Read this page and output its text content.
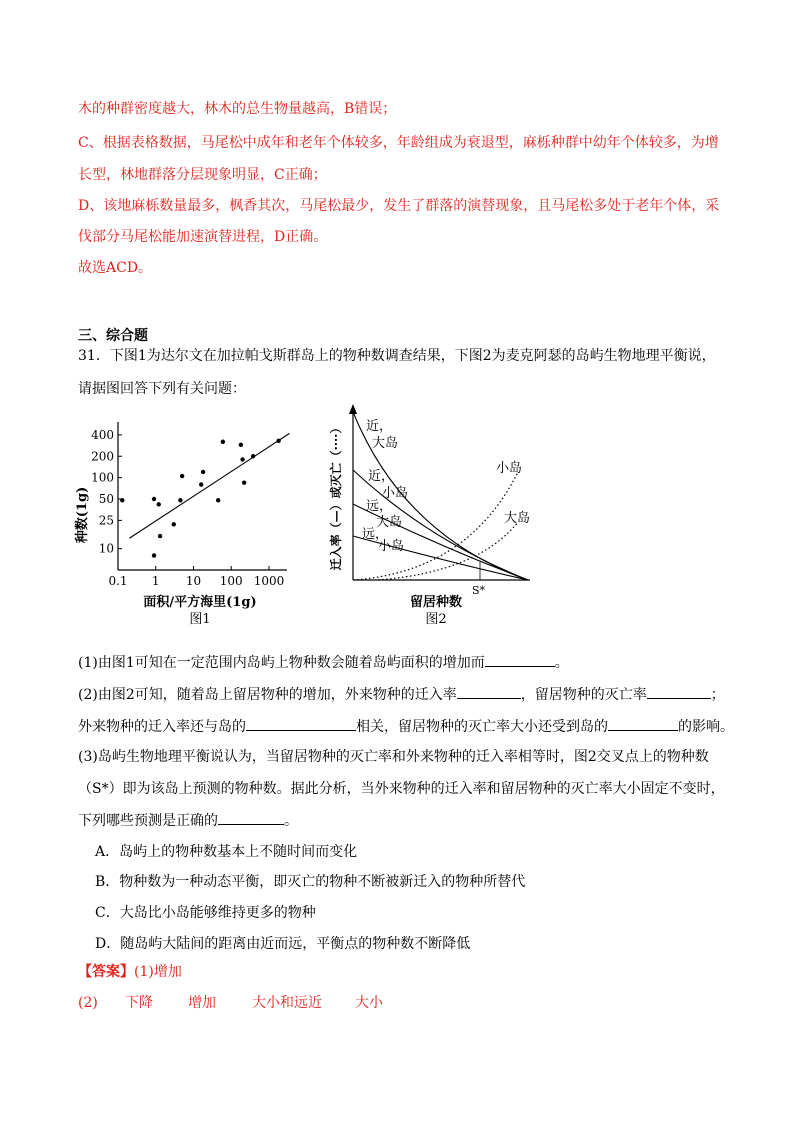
木的种群密度越大，林木的总生物量越高，B错误；
C、根据表格数据，马尾松中成年和老年个体较多，年龄组成为衰退型，麻栎种群中幼年个体较多，为增
长型，林地群落分层现象明显，C正确；
D、该地麻栎数量最多，枫香其次，马尾松最少，发生了群落的演替现象，且马尾松多处于老年个体，采
伐部分马尾松能加速演替进程，D正确。
故选ACD。
三、综合题
31．下图1为达尔文在加拉帕戈斯群岛上的物种数调查结果，下图2为麦克阿瑟的岛屿生物地理平衡说，
请据图回答下列有关问题：
400
200
100
50
25
10
0.1 1 10 100 1000
种数(1g)
面积/平方海里(1g)
图1
S*
近，
大岛
近，
小岛
远，
大岛
远，
小岛
小岛
大岛
迁入率（—）或灭亡（····）
留居种数
图2
(1)由图1可知在一定范围内岛屿上物种数会随着岛屿面积的增加而	。
(2)由图2可知，随着岛上留居物种的增加，外来物种的迁入率	，留居物种的灭亡率	；
外来物种的迁入率还与岛的	相关，留居物种的灭亡率大小还受到岛的	的影响。
(3)岛屿生物地理平衡说认为，当留居物种的灭亡率和外来物种的迁入率相等时，图2交叉点上的物种数
（S*）即为该岛上预测的物种数。据此分析，当外来物种的迁入率和留居物种的灭亡率大小固定不变时，
下列哪些预测是正确的	。
A．岛屿上的物种数基本上不随时间而变化
B．物种数为一种动态平衡，即灭亡的物种不断被新迁入的物种所替代
C．大岛比小岛能够维持更多的物种
D．随岛屿大陆间的距离由近而远，平衡点的物种数不断降低
【答案】(1)增加
(2) 下降	增加	大小和远近 大小
